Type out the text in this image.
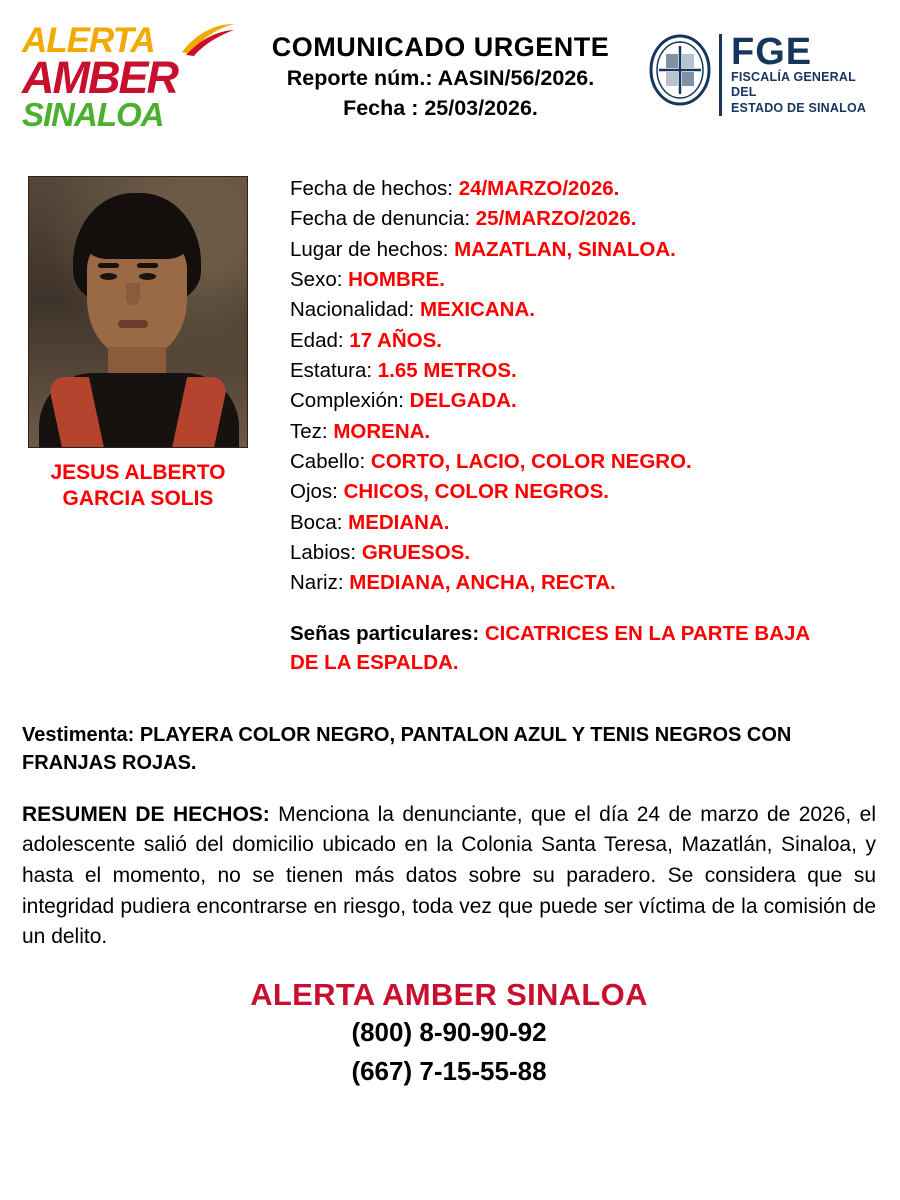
ALERTA
AMBER
SINALOA
COMUNICADO URGENTE
Reporte núm.: AASIN/56/2026.
Fecha : 25/03/2026.
FGE
FISCALÍA GENERAL DEL
ESTADO DE SINALOA
JESUS ALBERTO
GARCIA SOLIS
Fecha de hechos: 24/MARZO/2026.
Fecha de denuncia: 25/MARZO/2026.
Lugar de hechos: MAZATLAN, SINALOA.
Sexo: HOMBRE.
Nacionalidad: MEXICANA.
Edad: 17 AÑOS.
Estatura: 1.65 METROS.
Complexión: DELGADA.
Tez: MORENA.
Cabello: CORTO, LACIO, COLOR NEGRO.
Ojos: CHICOS, COLOR NEGROS.
Boca: MEDIANA.
Labios: GRUESOS.
Nariz: MEDIANA, ANCHA, RECTA.
Señas particulares: CICATRICES EN LA PARTE BAJA DE LA ESPALDA.
Vestimenta: PLAYERA COLOR NEGRO, PANTALON AZUL Y TENIS NEGROS CON FRANJAS ROJAS.
RESUMEN DE HECHOS: Menciona la denunciante, que el día 24 de marzo de 2026, el adolescente salió del domicilio ubicado en la Colonia Santa Teresa, Mazatlán, Sinaloa, y hasta el momento, no se tienen más datos sobre su paradero. Se considera que su integridad pudiera encontrarse en riesgo, toda vez que puede ser víctima de la comisión de un delito.
ALERTA AMBER SINALOA
(800) 8-90-90-92
(667) 7-15-55-88
